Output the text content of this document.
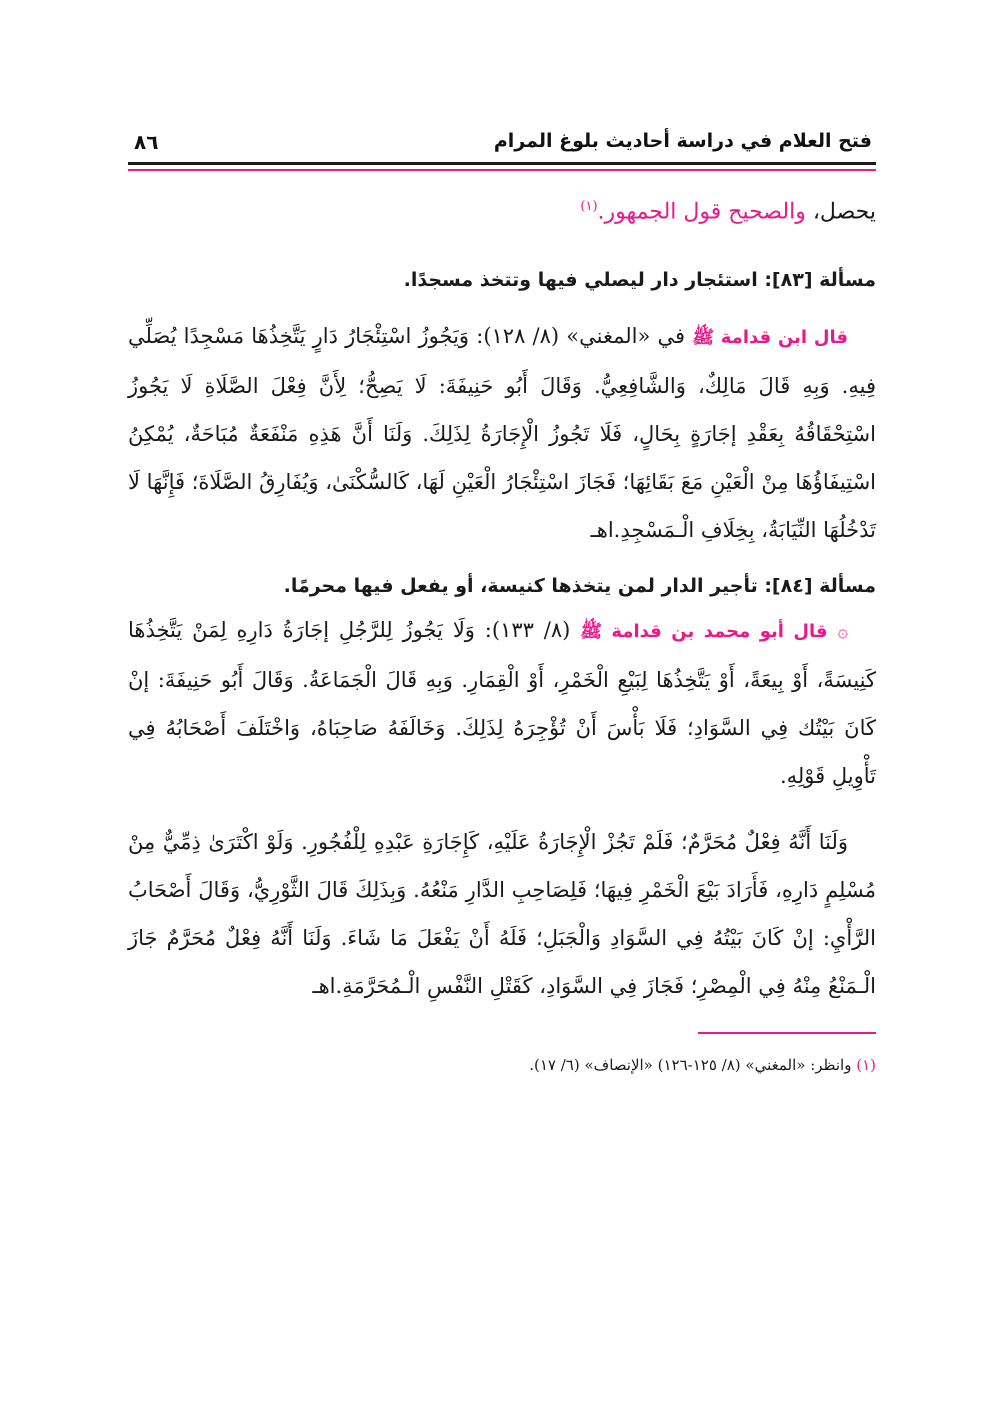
فتح العلام في دراسة أحاديث بلوغ المرام
٨٦

يحصل، والصحيح قول الجمهور.$^{(١)}$

مسألة [٨٣]: استئجار دار ليصلي فيها وتتخذ مسجدًا.

قال ابن قدامة ﷺ في «المغني» (٨/ ١٢٨): وَيَجُوزُ اسْتِئْجَارُ دَارٍ يَتَّخِذُهَا مَسْجِدًا يُصَلِّي فِيهِ. وَبِهِ قَالَ مَالِكٌ، وَالشَّافِعِيُّ. وَقَالَ أَبُو حَنِيفَةَ: لَا يَصِحُّ؛ لِأَنَّ فِعْلَ الصَّلَاةِ لَا يَجُوزُ اسْتِحْقَاقُهُ بِعَقْدِ إجَارَةٍ بِحَالٍ، فَلَا تَجُوزُ الْإِجَارَةُ لِذَلِكَ. وَلَنَا أَنَّ هَذِهِ مَنْفَعَةٌ مُبَاحَةٌ، يُمْكِنُ اسْتِيفَاؤُهَا مِنْ الْعَيْنِ مَعَ بَقَائِهَا؛ فَجَازَ اسْتِئْجَارُ الْعَيْنِ لَهَا، كَالسُّكْنَىٰ، وَيُفَارِقُ الصَّلَاةَ؛ فَإِنَّهَا لَا تَدْخُلُهَا النِّيَابَةُ، بِخِلَافِ الْـمَسْجِدِ.اهـ

مسألة [٨٤]: تأجير الدار لمن يتخذها كنيسة، أو يفعل فيها محرمًا.

۞ قال أبو محمد بن قدامة ﷺ (٨/ ١٣٣): وَلَا يَجُوزُ لِلرَّجُلِ إجَارَةُ دَارِهِ لِمَنْ يَتَّخِذُهَا كَنِيسَةً، أَوْ بِيعَةً، أَوْ يَتَّخِذُهَا لِبَيْعِ الْخَمْرِ، أَوْ الْقِمَارِ. وَبِهِ قَالَ الْجَمَاعَةُ. وَقَالَ أَبُو حَنِيفَةَ: إنْ كَانَ بَيْتُك فِي السَّوَادِ؛ فَلَا بَأْسَ أَنْ تُؤْجِرَهُ لِذَلِكَ. وَخَالَفَهُ صَاحِبَاهُ، وَاخْتَلَفَ أَصْحَابُهُ فِي تَأْوِيلِ قَوْلِهِ.

وَلَنَا أَنَّهُ فِعْلٌ مُحَرَّمٌ؛ فَلَمْ تَجُزْ الْإِجَارَةُ عَلَيْهِ، كَإِجَارَةِ عَبْدِهِ لِلْفُجُورِ. وَلَوْ اكْتَرَىٰ ذِمِّيٌّ مِنْ مُسْلِمٍ دَارِهِ، فَأَرَادَ بَيْعَ الْخَمْرِ فِيهَا؛ فَلِصَاحِبِ الدَّارِ مَنْعُهُ. وَبِذَلِكَ قَالَ الثَّوْرِيُّ، وَقَالَ أَصْحَابُ الرَّأْيِ: إنْ كَانَ بَيْتُهُ فِي السَّوَادِ وَالْجَبَلِ؛ فَلَهُ أَنْ يَفْعَلَ مَا شَاءَ. وَلَنَا أَنَّهُ فِعْلٌ مُحَرَّمٌ جَازَ الْـمَنْعُ مِنْهُ فِي الْمِصْرِ؛ فَجَازَ فِي السَّوَادِ، كَقَتْلِ النَّفْسِ الْـمُحَرَّمَةِ.اهـ

(١) وانظر: «المغني» (٨/ ١٢٥-١٢٦) «الإنصاف» (٦/ ١٧).
